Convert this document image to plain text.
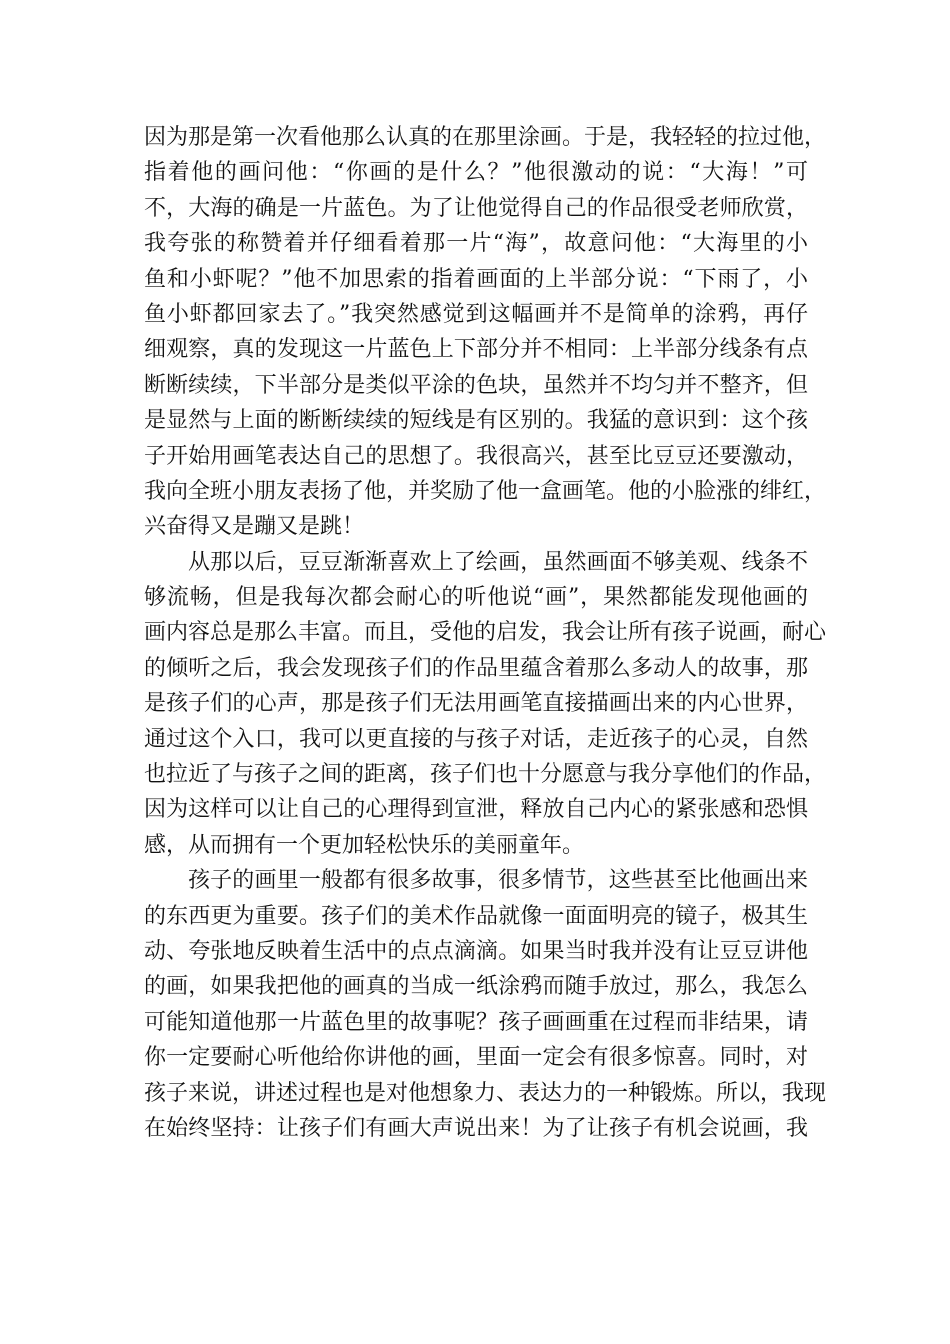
因为那是第一次看他那么认真的在那里涂画。于是，我轻轻的拉过他，
指着他的画问他：“你画的是什么？”他很激动的说：“大海！”可
不，大海的确是一片蓝色。为了让他觉得自己的作品很受老师欣赏，
我夸张的称赞着并仔细看着那一片“海”，故意问他：“大海里的小
鱼和小虾呢？”他不加思索的指着画面的上半部分说：“下雨了，小
鱼小虾都回家去了。”我突然感觉到这幅画并不是简单的涂鸦，再仔
细观察，真的发现这一片蓝色上下部分并不相同：上半部分线条有点
断断续续，下半部分是类似平涂的色块，虽然并不均匀并不整齐，但
是显然与上面的断断续续的短线是有区别的。我猛的意识到：这个孩
子开始用画笔表达自己的思想了。我很高兴，甚至比豆豆还要激动，
我向全班小朋友表扬了他，并奖励了他一盒画笔。他的小脸涨的绯红，
兴奋得又是蹦又是跳！
从那以后，豆豆渐渐喜欢上了绘画，虽然画面不够美观、线条不
够流畅，但是我每次都会耐心的听他说“画”，果然都能发现他画的
画内容总是那么丰富。而且，受他的启发，我会让所有孩子说画，耐心
的倾听之后，我会发现孩子们的作品里蕴含着那么多动人的故事，那
是孩子们的心声，那是孩子们无法用画笔直接描画出来的内心世界，
通过这个入口，我可以更直接的与孩子对话，走近孩子的心灵，自然
也拉近了与孩子之间的距离，孩子们也十分愿意与我分享他们的作品，
因为这样可以让自己的心理得到宣泄，释放自己内心的紧张感和恐惧
感，从而拥有一个更加轻松快乐的美丽童年。
孩子的画里一般都有很多故事，很多情节，这些甚至比他画出来
的东西更为重要。孩子们的美术作品就像一面面明亮的镜子，极其生
动、夸张地反映着生活中的点点滴滴。如果当时我并没有让豆豆讲他
的画，如果我把他的画真的当成一纸涂鸦而随手放过，那么，我怎么
可能知道他那一片蓝色里的故事呢？孩子画画重在过程而非结果，请
你一定要耐心听他给你讲他的画，里面一定会有很多惊喜。同时，对
孩子来说，讲述过程也是对他想象力、表达力的一种锻炼。所以，我现
在始终坚持：让孩子们有画大声说出来！为了让孩子有机会说画，我
